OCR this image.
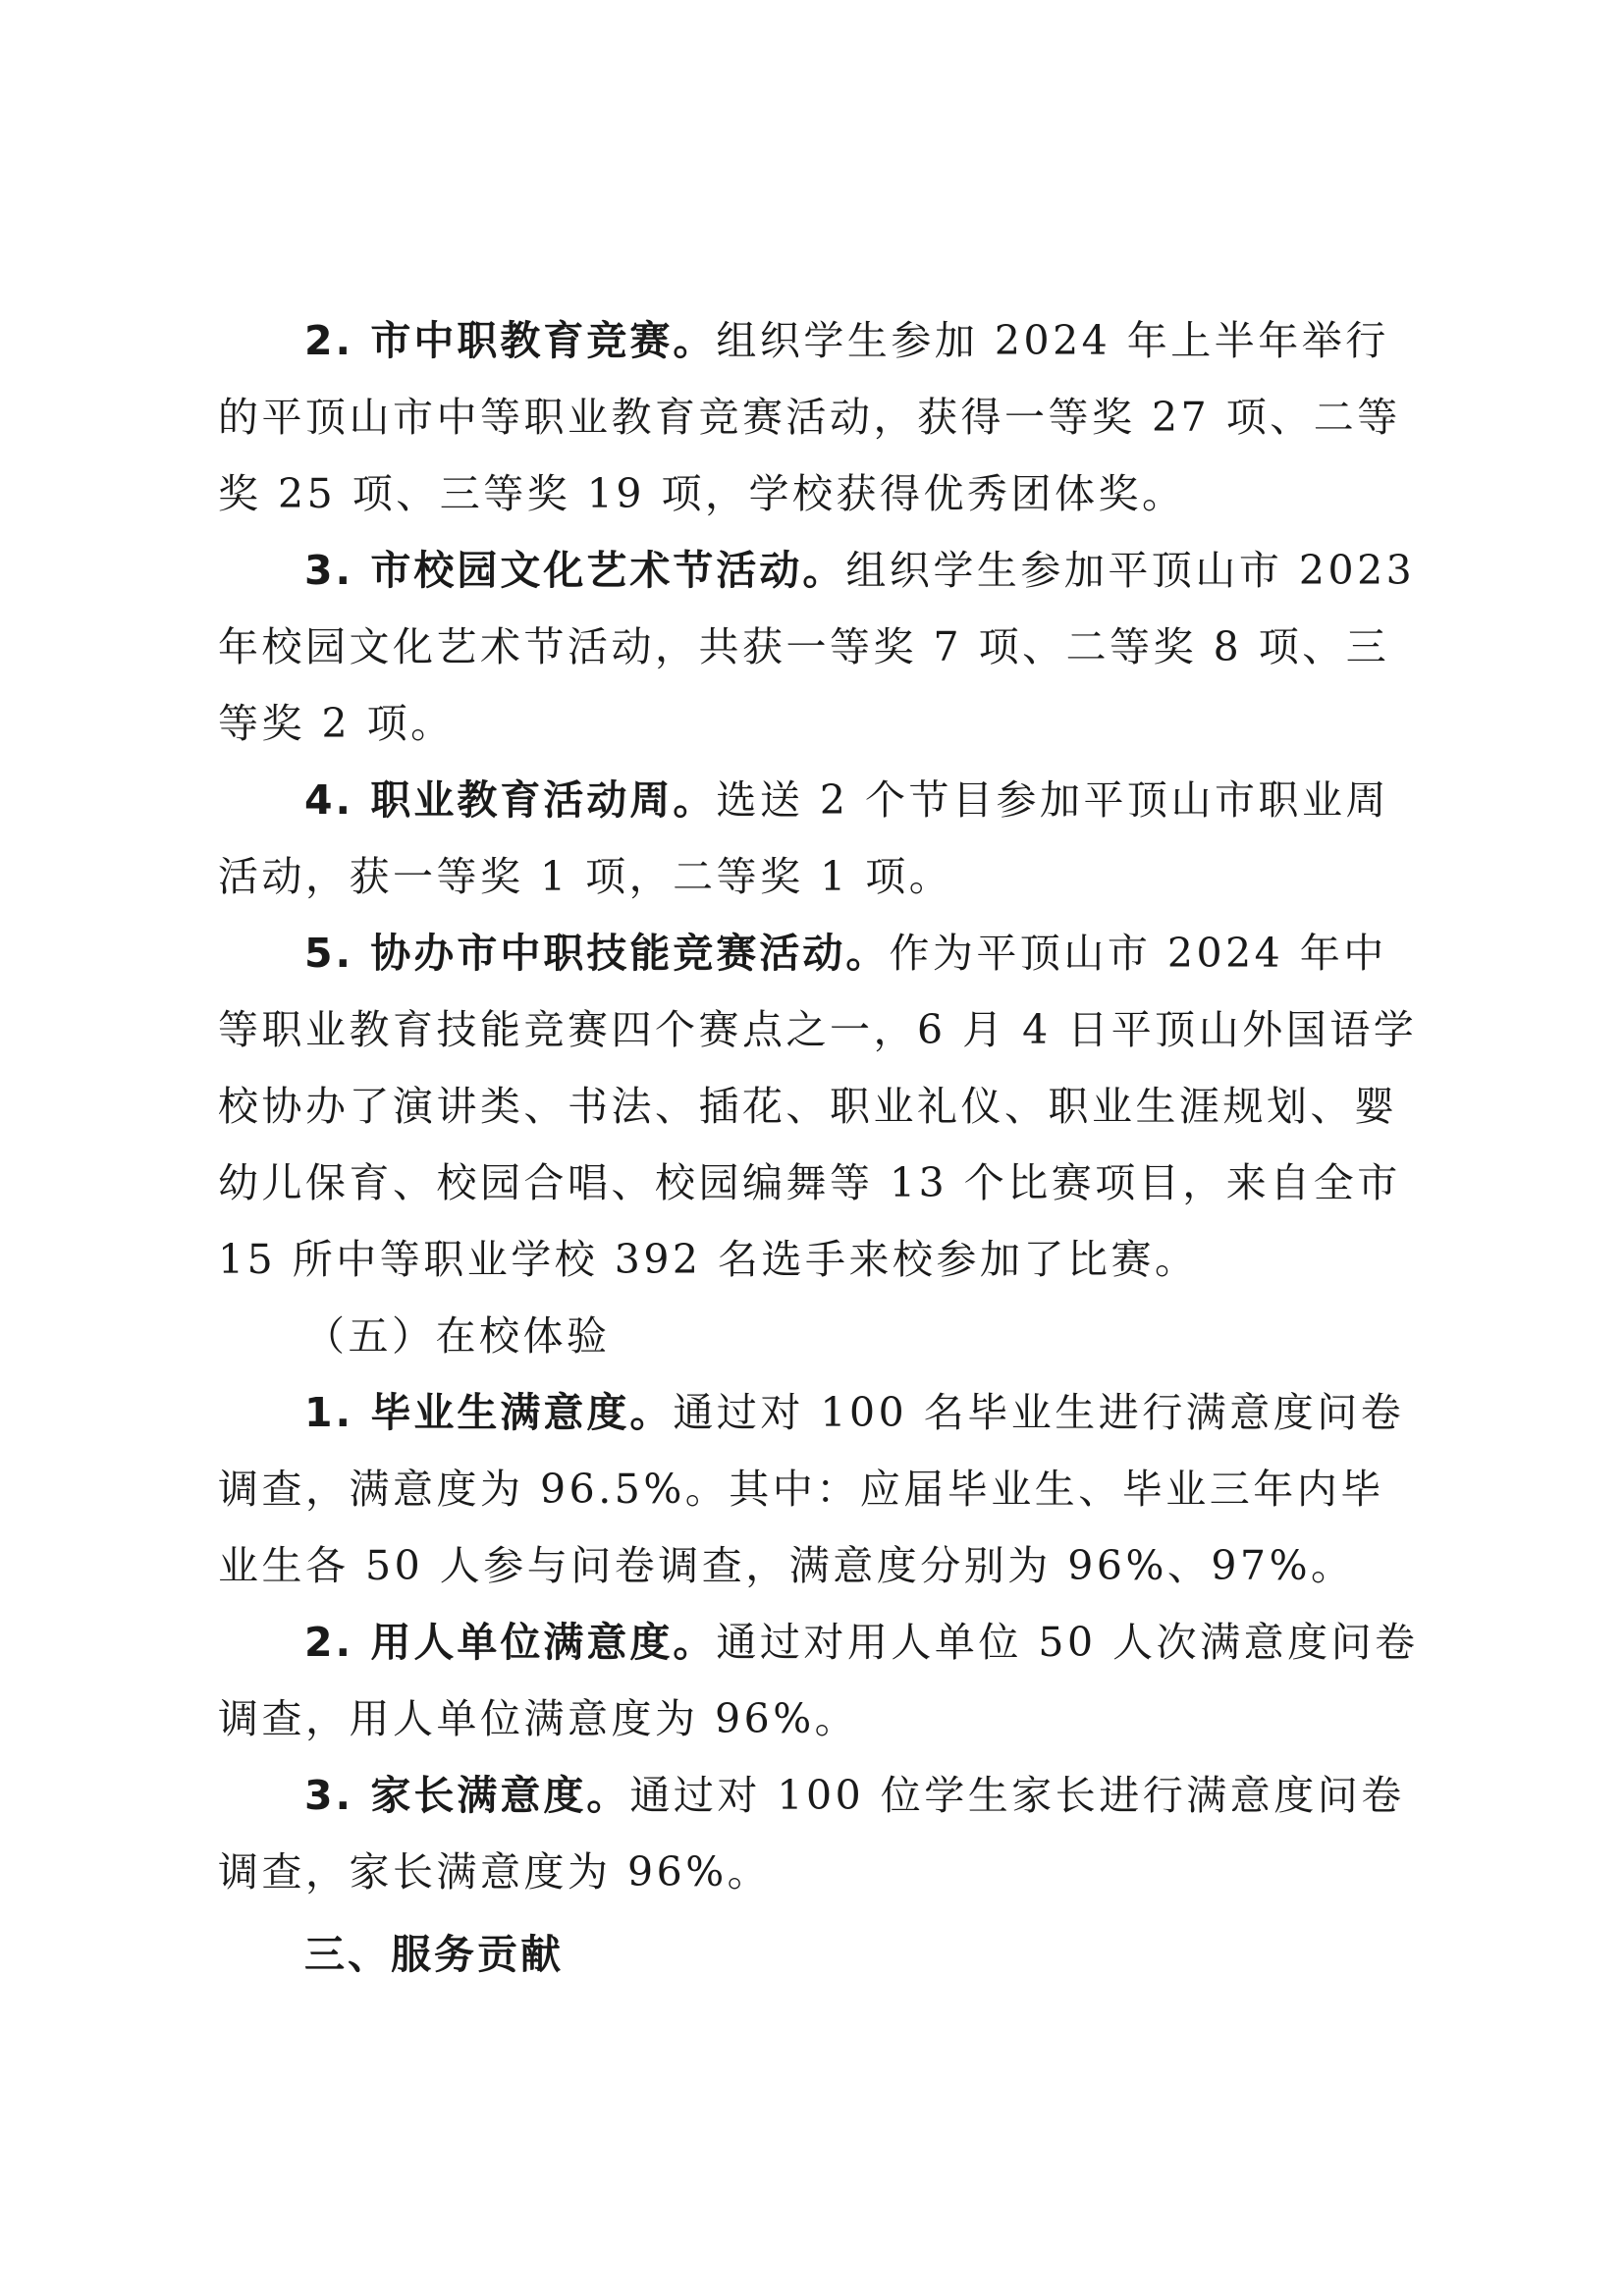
2. 市中职教育竞赛。组织学生参加 2024 年上半年举行的平顶山市中等职业教育竞赛活动，获得一等奖 27 项、二等奖 25 项、三等奖 19 项，学校获得优秀团体奖。

3. 市校园文化艺术节活动。组织学生参加平顶山市 2023 年校园文化艺术节活动，共获一等奖 7 项、二等奖 8 项、三等奖 2 项。

4. 职业教育活动周。选送 2 个节目参加平顶山市职业周活动，获一等奖 1 项，二等奖 1 项。

5. 协办市中职技能竞赛活动。作为平顶山市 2024 年中等职业教育技能竞赛四个赛点之一，6 月 4 日平顶山外国语学校协办了演讲类、书法、插花、职业礼仪、职业生涯规划、婴幼儿保育、校园合唱、校园编舞等 13 个比赛项目，来自全市 15 所中等职业学校 392 名选手来校参加了比赛。

（五）在校体验

1. 毕业生满意度。通过对 100 名毕业生进行满意度问卷调查，满意度为 96.5%。其中：应届毕业生、毕业三年内毕业生各 50 人参与问卷调查，满意度分别为 96%、97%。

2. 用人单位满意度。通过对用人单位 50 人次满意度问卷调查，用人单位满意度为 96%。

3. 家长满意度。通过对 100 位学生家长进行满意度问卷调查，家长满意度为 96%。

三、服务贡献
